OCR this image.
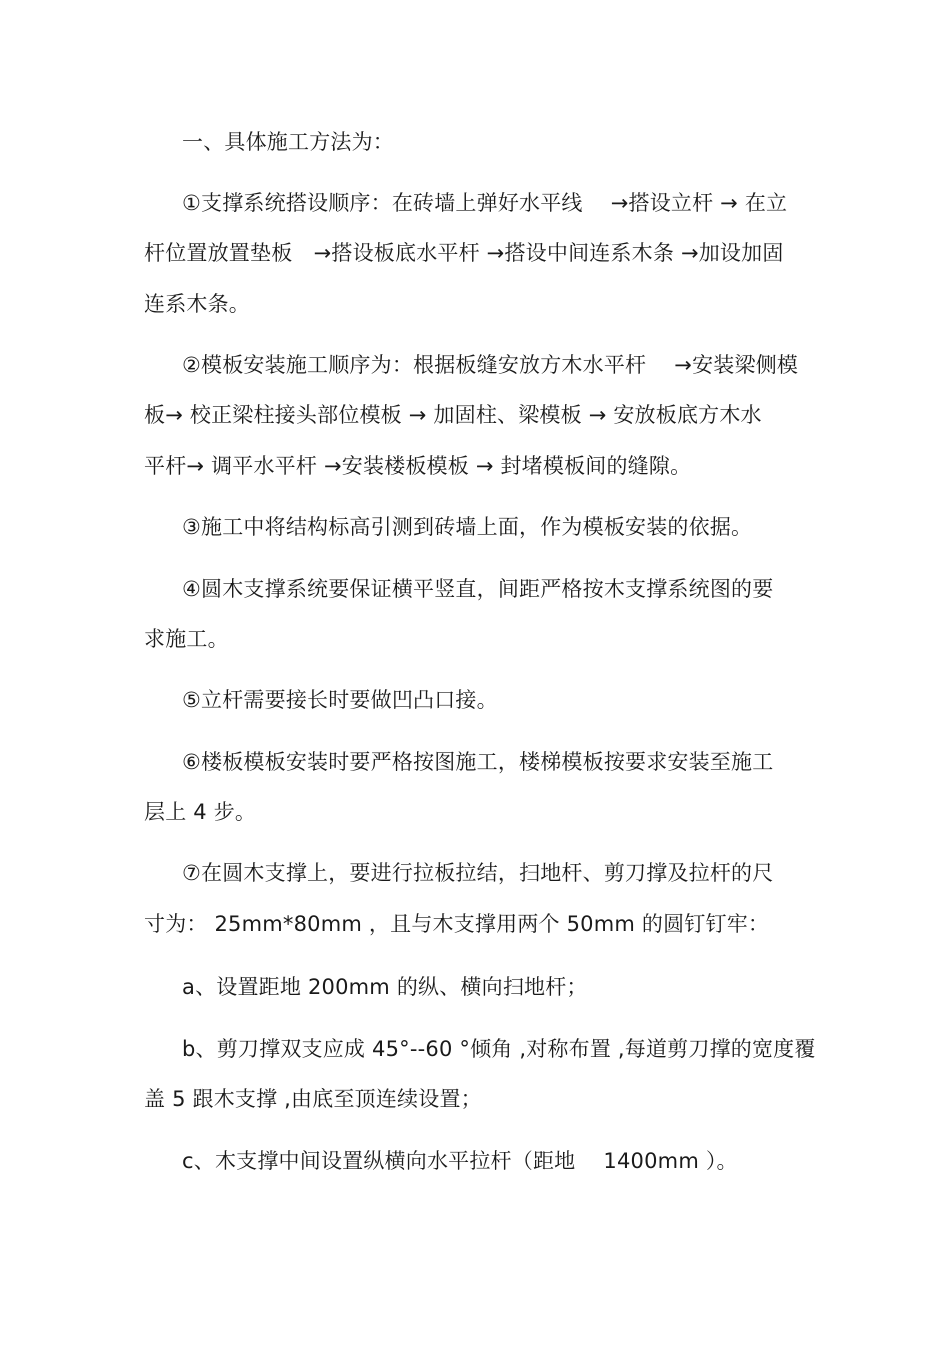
一、具体施工方法为：
①支撑系统搭设顺序：在砖墙上弹好水平线　 →搭设立杆 → 在立
杆位置放置垫板　→搭设板底水平杆 →搭设中间连系木条 →加设加固
连系木条。
②模板安装施工顺序为：根据板缝安放方木水平杆　 →安装梁侧模
板→ 校正梁柱接头部位模板 → 加固柱、梁模板 → 安放板底方木水
平杆→ 调平水平杆 →安装楼板模板 → 封堵模板间的缝隙。
③施工中将结构标高引测到砖墙上面，作为模板安装的依据。
④圆木支撑系统要保证横平竖直，间距严格按木支撑系统图的要
求施工。
⑤立杆需要接长时要做凹凸口接。
⑥楼板模板安装时要严格按图施工，楼梯模板按要求安装至施工
层上 4 步。
⑦在圆木支撑上，要进行拉板拉结，扫地杆、剪刀撑及拉杆的尺
寸为： 25mm*80mm ，且与木支撑用两个 50mm 的圆钉钉牢：
a、设置距地 200mm 的纵、横向扫地杆；
b、剪刀撑双支应成 45°--60 °倾角 ,对称布置 ,每道剪刀撑的宽度覆
盖 5 跟木支撑 ,由底至顶连续设置；
c、木支撑中间设置纵横向水平拉杆（距地　 1400mm ）。
